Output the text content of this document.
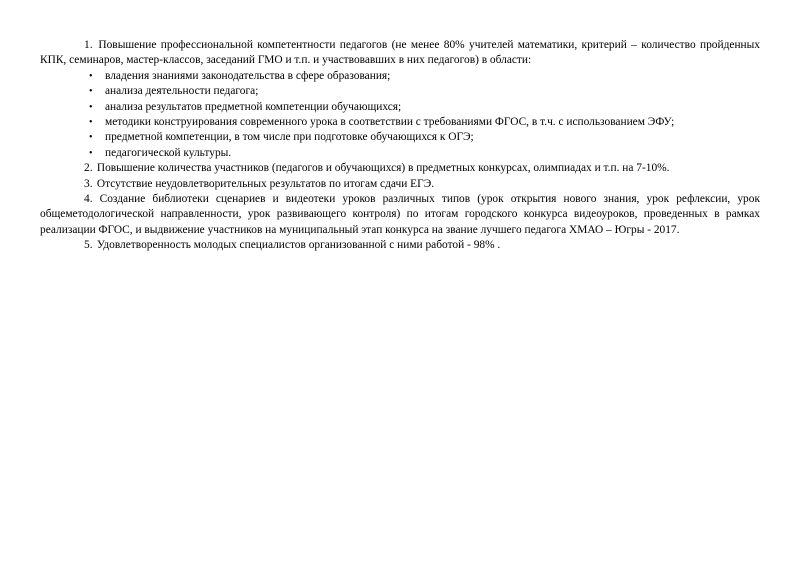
1. Повышение профессиональной компетентности педагогов (не менее 80% учителей математики, критерий – количество пройденных КПК, семинаров, мастер-классов, заседаний ГМО и т.п. и участвовавших в них педагогов) в области:

• владения знаниями законодательства в сфере образования;
• анализа деятельности педагога;
• анализа результатов предметной компетенции обучающихся;
• методики конструирования современного урока в соответствии с требованиями ФГОС, в т.ч. с использованием ЭФУ;
• предметной компетенции, в том числе при подготовке обучающихся к ОГЭ;
• педагогической культуры.

2. Повышение количества участников (педагогов и обучающихся) в предметных конкурсах, олимпиадах и т.п. на 7-10%.

3. Отсутствие неудовлетворительных результатов по итогам сдачи ЕГЭ.

4. Создание библиотеки сценариев и видеотеки уроков различных типов (урок открытия нового знания, урок рефлексии, урок общеметодологической направленности, урок развивающего контроля) по итогам городского конкурса видеоуроков, проведенных в рамках реализации ФГОС, и выдвижение участников на муниципальный этап конкурса на звание лучшего педагога ХМАО – Югры - 2017.

5. Удовлетворенность молодых специалистов организованной с ними работой - 98% .
